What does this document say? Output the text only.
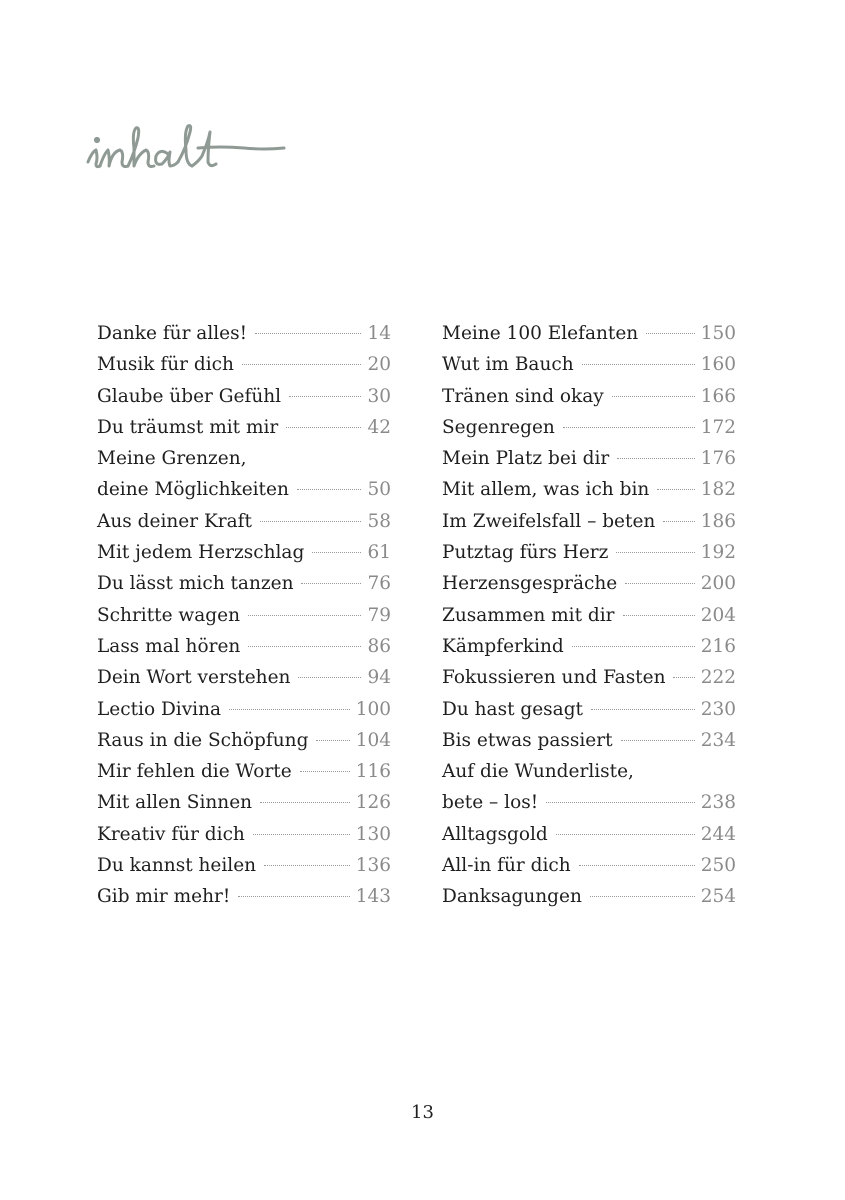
Danke für alles!	14
Musik für dich	20
Glaube über Gefühl	30
Du träumst mit mir	42
Meine Grenzen,
deine Möglichkeiten	50
Aus deiner Kraft	58
Mit jedem Herzschlag	61
Du lässt mich tanzen	76
Schritte wagen	79
Lass mal hören	86
Dein Wort verstehen	94
Lectio Divina	100
Raus in die Schöpfung	104
Mir fehlen die Worte	116
Mit allen Sinnen	126
Kreativ für dich	130
Du kannst heilen	136
Gib mir mehr!	143
Meine 100 Elefanten	150
Wut im Bauch	160
Tränen sind okay	166
Segenregen	172
Mein Platz bei dir	176
Mit allem, was ich bin	182
Im Zweifelsfall – beten 186
Putztag fürs Herz	192
Herzensgespräche	200
Zusammen mit dir	204
Kämpferkind	216
Fokussieren und Fasten 222
Du hast gesagt	230
Bis etwas passiert	234
Auf die Wunderliste,
bete – los!	238
Alltagsgold	244
All-in für dich	250
Danksagungen	254
13
